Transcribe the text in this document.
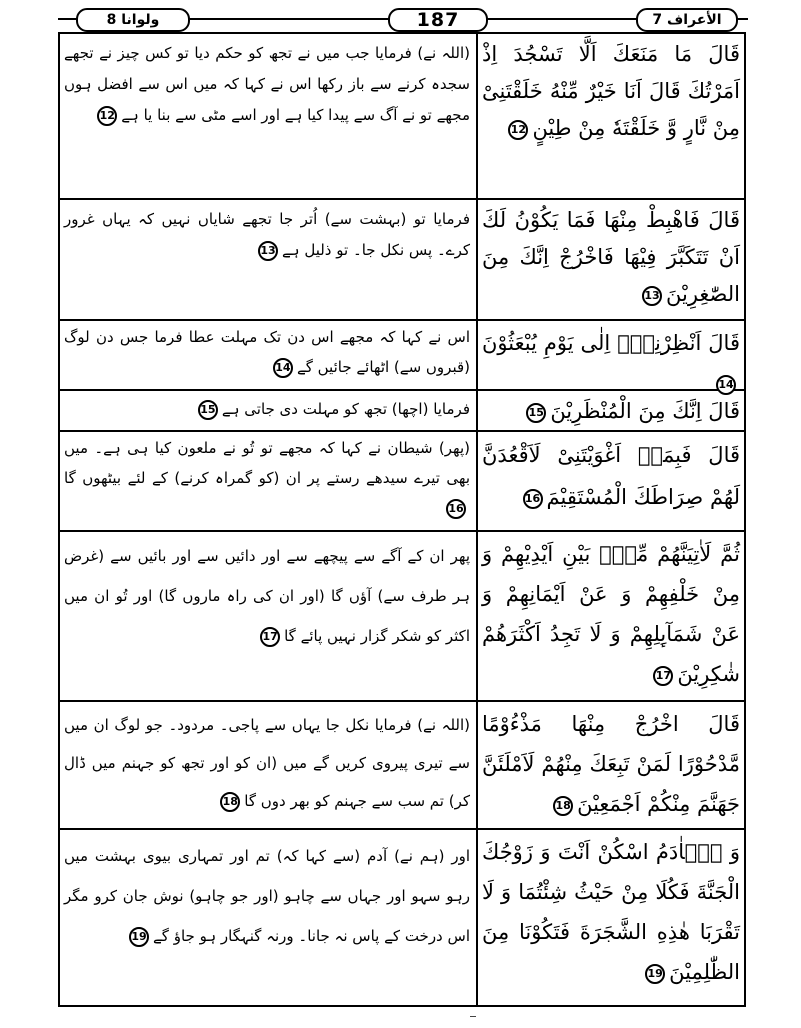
ولوانا 8	187	الأعراف 7
قَالَ مَا مَنَعَكَ اَلَّا تَسْجُدَ اِذْ اَمَرْتُكَ قَالَ اَنَا خَيْرٌ مِّنْهُ خَلَقْتَنِیْ مِنْ نَّارٍ وَّ خَلَقْتَهٗ مِنْ طِیْنٍ12
(اللہ نے) فرمایا جب میں نے تجھ کو حکم دیا تو کس چیز نے تجھے سجدہ کرنے سے باز رکھا اس نے کہا کہ میں اس سے افضل ہوں مجھے تو نے آگ سے پیدا کیا ہے اور اسے مٹی سے بنا یا ہے12
قَالَ فَاهْبِطْ مِنْهَا فَمَا یَكُوْنُ لَكَ اَنْ تَتَكَبَّرَ فِیْهَا فَاخْرُجْ اِنَّكَ مِنَ الصّٰغِرِیْنَ13
فرمایا تو (بہشت سے) اُتر جا تجھے شایاں نہیں کہ یہاں غرور کرے۔ پس نکل جا۔ تو ذلیل ہے13
قَالَ اَنْظِرْنِیْۤ اِلٰى یَوْمِ یُبْعَثُوْنَ14
اس نے کہا کہ مجھے اس دن تک مہلت عطا فرما جس دن لوگ (قبروں سے) اٹھائے جائیں گے14
قَالَ اِنَّكَ مِنَ الْمُنْظَرِیْنَ15
فرمایا (اچھا) تجھ کو مہلت دی جاتی ہے15
قَالَ فَبِمَاۤ اَغْوَیْتَنِیْ لَاَقْعُدَنَّ لَهُمْ صِرَاطَكَ الْمُسْتَقِیْمَ16
(پھر) شیطان نے کہا کہ مجھے تو تُو نے ملعون کیا ہی ہے۔ میں بھی تیرے سیدھے رستے پر ان (کو گمراہ کرنے) کے لئے بیٹھوں گا16
ثُمَّ لَاٰتِیَنَّهُمْ مِّنْۢ بَیْنِ اَیْدِیْهِمْ وَ مِنْ خَلْفِهِمْ وَ عَنْ اَیْمَانِهِمْ وَ عَنْ شَمَآىِٕلِهِمْ وَ لَا تَجِدُ اَكْثَرَهُمْ شٰكِرِیْنَ17
پھر ان کے آگے سے پیچھے سے اور دائیں سے اور بائیں سے (غرض ہر طرف سے) آؤں گا (اور ان کی راہ ماروں گا) اور تُو ان میں اکثر کو شکر گزار نہیں پائے گا17
قَالَ اخْرُجْ مِنْهَا مَذْءُوْمًا مَّدْحُوْرًا لَمَنْ تَبِعَكَ مِنْهُمْ لَاَمْلَئَنَّ جَهَنَّمَ مِنْكُمْ اَجْمَعِیْنَ18
(اللہ نے) فرمایا نکل جا یہاں سے پاجی۔ مردود۔ جو لوگ ان میں سے تیری پیروی کریں گے میں (ان کو اور تجھ کو جہنم میں ڈال کر) تم سب سے جہنم کو بھر دوں گا18
وَ یٰۤاٰدَمُ اسْكُنْ اَنْتَ وَ زَوْجُكَ الْجَنَّةَ فَكُلَا مِنْ حَیْثُ شِئْتُمَا وَ لَا تَقْرَبَا هٰذِهِ الشَّجَرَةَ فَتَكُوْنَا مِنَ الظّٰلِمِیْنَ19
اور (ہم نے) آدم (سے کہا کہ) تم اور تمہاری بیوی بہشت میں رہو سہو اور جہاں سے چاہو (اور جو چاہو) نوش جان کرو مگر اس درخت کے پاس نہ جانا۔ ورنہ گنہگار ہو جاؤ گے19
